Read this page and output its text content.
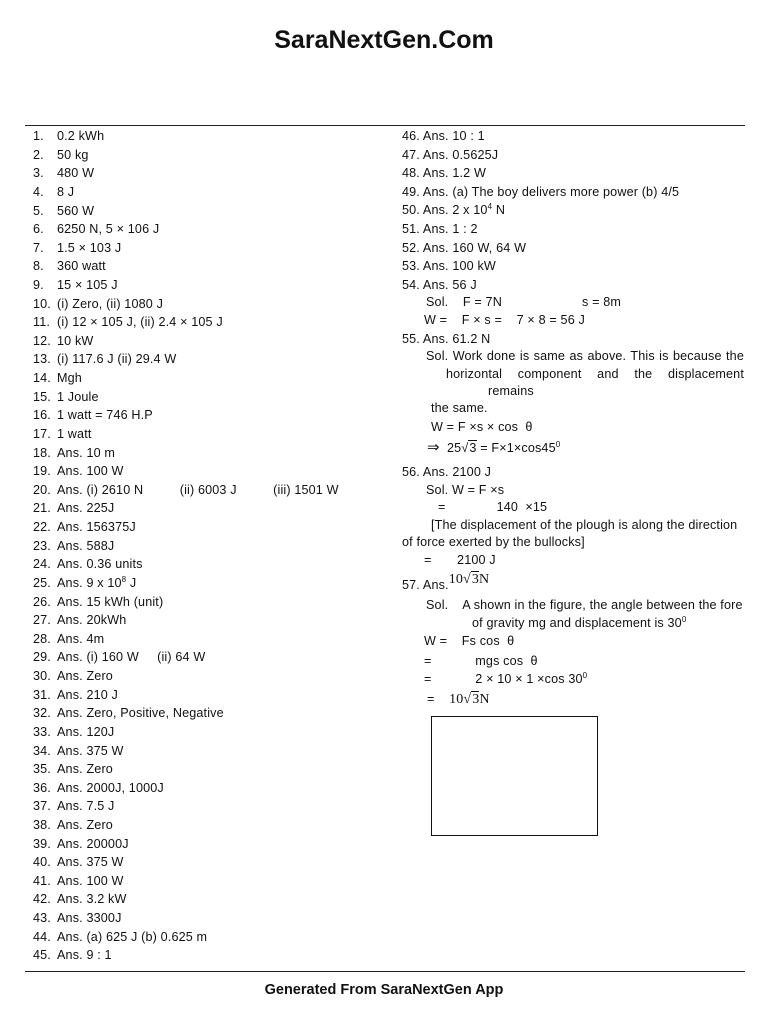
SaraNextGen.Com
1. 0.2 kWh
2. 50 kg
3. 480 W
4. 8 J
5. 560 W
6. 6250 N, 5 × 106 J
7. 1.5 × 103 J
8. 360 watt
9. 15 × 105 J
10. (i) Zero, (ii) 1080 J
11. (i) 12 × 105 J, (ii) 2.4 × 105 J
12. 10 kW
13. (i) 117.6 J (ii) 29.4 W
14. Mgh
15. 1 Joule
16. 1 watt = 746 H.P
17. 1 watt
18. Ans. 10 m
19. Ans. 100 W
20. Ans. (i) 2610 N          (ii) 6003 J          (iii) 1501 W
21. Ans. 225J
22. Ans. 156375J
23. Ans. 588J
24. Ans. 0.36 units
25. Ans. 9 x $10^8$ J
26. Ans. 15 kWh (unit)
27. Ans. 20kWh
28. Ans. 4m
29. Ans. (i) 160 W     (ii) 64 W
30. Ans. Zero
31. Ans. 210 J
32. Ans. Zero, Positive, Negative
33. Ans. 120J
34. Ans. 375 W
35. Ans. Zero
36. Ans. 2000J, 1000J
37. Ans. 7.5 J
38. Ans. Zero
39. Ans. 20000J
40. Ans. 375 W
41. Ans. 100 W
42. Ans. 3.2 kW
43. Ans. 3300J
44. Ans. (a) 625 J (b) 0.625 m
45. Ans. 9 : 1
46. Ans. 10 : 1
47. Ans. 0.5625J
48. Ans. 1.2 W
49. Ans. (a) The boy delivers more power (b) 4/5
50. Ans. 2 x $10^4$ N
51. Ans. 1 : 2
52. Ans. 160 W, 64 W
53. Ans. 100 kW
54. Ans. 56 J
Sol.    F = 7N	s = 8m
W =    F × s =    7 × 8 = 56 J
55. Ans. 61.2 N
Sol. Work done is same as above. This is because the
horizontal component and the displacement
remains
the same.
W = F ×s × cos  θ
⇒ $25√3 = F\times 1\times\cos 45^0$
56. Ans. 2100 J
Sol. W = F ×s
=              140  ×15
[The displacement of the plough is along the direction
of force exerted by the bullocks]
=       2100 J
57. Ans.10√3N
Sol.    A shown in the figure, the angle between the fore
of gravity mg and displacement is $30^0$
W =    Fs cos  θ
=            mgs cos  θ
=            2 × 10 × 1 ×cos $30^0$
= 10√3N
Generated From SaraNextGen App
